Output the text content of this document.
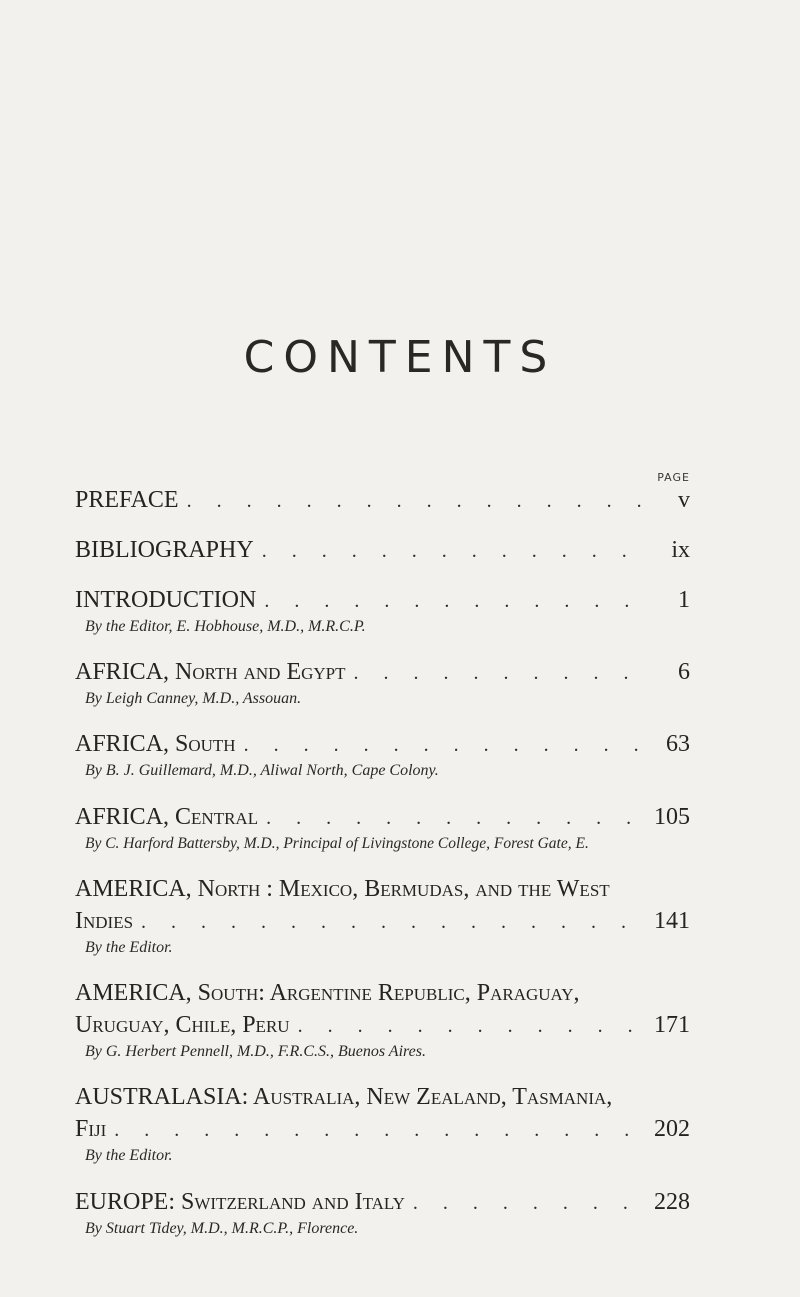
CONTENTS
PAGE
PREFACE . . .	v
BIBLIOGRAPHY . . .	ix
INTRODUCTION . . .	1
By the Editor, E. Hobhouse, M.D., M.R.C.P.
AFRICA, North and Egypt . . .	6
By Leigh Canney, M.D., Assouan.
AFRICA, South . . .	63
By B. J. Guillemard, M.D., Aliwal North, Cape Colony.
AFRICA, Central . . .	105
By C. Harford Battersby, M.D., Principal of Livingstone College, Forest Gate, E.
AMERICA, North : Mexico, Bermudas, and the West
Indies . . .	141
By the Editor.
AMERICA, South: Argentine Republic, Paraguay,
Uruguay, Chile, Peru . . .	171
By G. Herbert Pennell, M.D., F.R.C.S., Buenos Aires.
AUSTRALASIA: Australia, New Zealand, Tasmania,
Fiji . . .	202
By the Editor.
EUROPE: Switzerland and Italy . . .	228
By Stuart Tidey, M.D., M.R.C.P., Florence.
